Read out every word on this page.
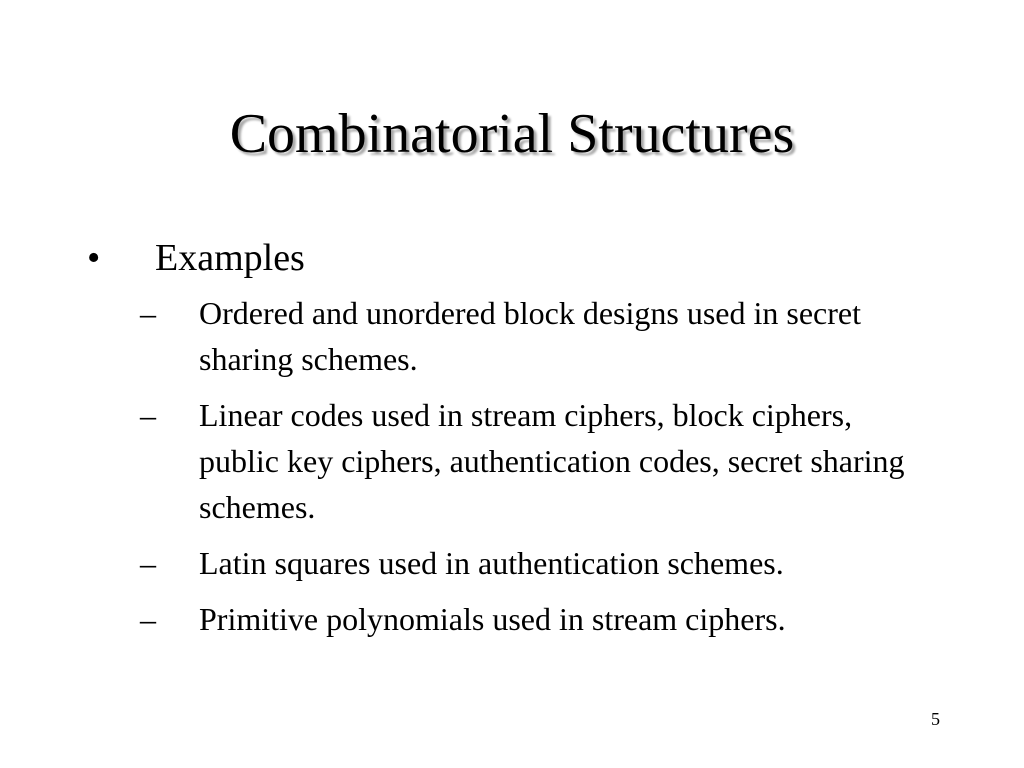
Combinatorial Structures
• Examples
– Ordered and unordered block designs used in secret sharing schemes.
– Linear codes used in stream ciphers, block ciphers, public key ciphers, authentication codes, secret sharing schemes.
– Latin squares used in authentication schemes.
– Primitive polynomials used in stream ciphers.
5
